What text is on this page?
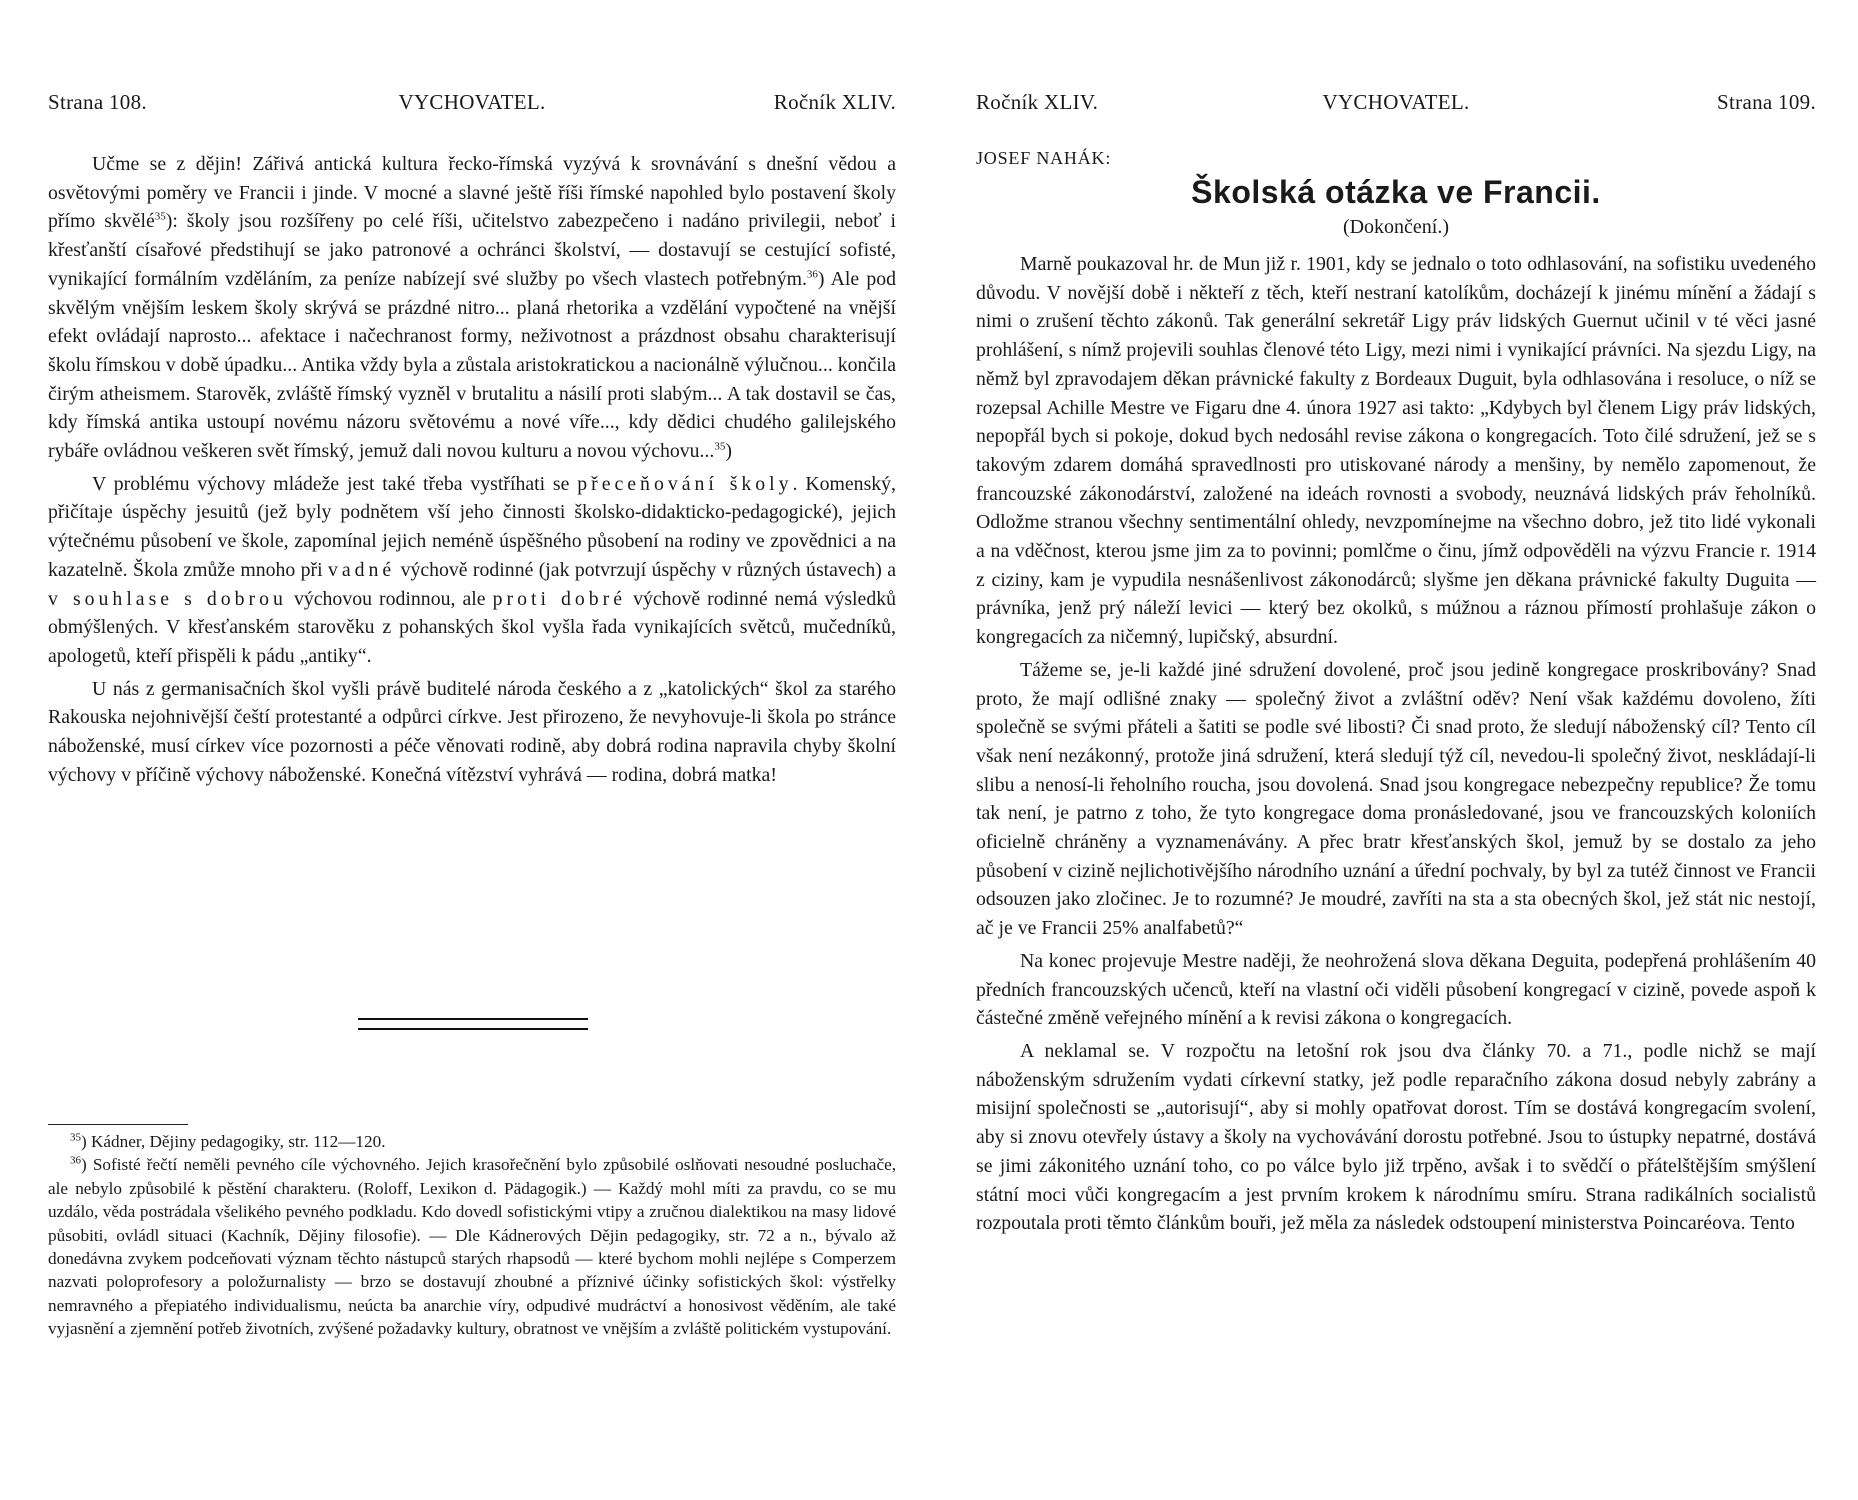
Strana 108.	VYCHOVATEL.	Ročník XLIV.

Učme se z dějin! Zářivá antická kultura řecko-římská vyzývá k srovnávání s dnešní vědou a osvětovými poměry ve Francii i jinde. V mocné a slavné ještě říši římské napohled bylo postavení školy přímo skvělé$^{35}$): školy jsou rozšířeny po celé říši, učitelstvo zabezpečeno i nadáno privilegii, neboť i křesťanští císařové předstihují se jako patronové a ochránci školství, — dostavují se cestující sofisté, vynikající formálním vzděláním, za peníze nabízejí své služby po všech vlastech potřebným.$^{36}$) Ale pod skvělým vnějším leskem školy skrývá se prázdné nitro... planá rhetorika a vzdělání vypočtené na vnější efekt ovládají naprosto... afektace i načechranost formy, neživotnost a prázdnost obsahu charakterisují školu římskou v době úpadku... Antika vždy byla a zůstala aristokratickou a nacionálně výlučnou... končila čirým atheismem. Starověk, zvláště římský vyzněl v brutalitu a násilí proti slabým... A tak dostavil se čas, kdy římská antika ustoupí novému názoru světovému a nové víře..., kdy dědici chudého galilejského rybáře ovládnou veškeren svět římský, jemuž dali novou kulturu a novou výchovu...$^{35}$)

V problému výchovy mládeže jest také třeba vystříhati se přeceňování školy. Komenský, přičítaje úspěchy jesuitů (jež byly podnětem vší jeho činnosti školsko-didakticko-pedagogické), jejich výtečnému působení ve škole, zapomínal jejich neméně úspěšného působení na rodiny ve zpovědnici a na kazatelně. Škola zmůže mnoho při vadné výchově rodinné (jak potvrzují úspěchy v různých ústavech) a v souhlase s dobrou výchovou rodinnou, ale proti dobré výchově rodinné nemá výsledků obmýšlených. V křesťanském starověku z pohanských škol vyšla řada vynikajících světců, mučedníků, apologetů, kteří přispěli k pádu „antiky“.

U nás z germanisačních škol vyšli právě buditelé národa českého a z „katolických“ škol za starého Rakouska nejohnivější čeští protestanté a odpůrci církve. Jest přirozeno, že nevyhovuje-li škola po stránce náboženské, musí církev více pozornosti a péče věnovati rodině, aby dobrá rodina napravila chyby školní výchovy v příčině výchovy náboženské. Konečná vítězství vyhrává — rodina, dobrá matka!

$^{35}$) Kádner, Dějiny pedagogiky, str. 112—120.

$^{36}$) Sofisté řečtí neměli pevného cíle výchovného. Jejich krasořečnění bylo způsobilé oslňovati nesoudné posluchače, ale nebylo způsobilé k pěstění charakteru. (Roloff, Lexikon d. Pädagogik.) — Každý mohl míti za pravdu, co se mu uzdálo, věda postrádala všelikého pevného podkladu. Kdo dovedl sofistickými vtipy a zručnou dialektikou na masy lidové působiti, ovládl situaci (Kachník, Dějiny filosofie). — Dle Kádnerových Dějin pedagogiky, str. 72 a n., bývalo až donedávna zvykem podceňovati význam těchto nástupců starých rhapsodů — které bychom mohli nejlépe s Comperzem nazvati poloprofesory a položurnalisty — brzo se dostavují zhoubné a příznivé účinky sofistických škol: výstřelky nemravného a přepiatého individualismu, neúcta ba anarchie víry, odpudivé mudráctví a honosivost věděním, ale také vyjasnění a zjemnění potřeb životních, zvýšené požadavky kultury, obratnost ve vnějším a zvláště politickém vystupování.

Ročník XLIV.	VYCHOVATEL.	Strana 109.
JOSEF NAHÁK:
Školská otázka ve Francii.
(Dokončení.)

Marně poukazoval hr. de Mun již r. 1901, kdy se jednalo o toto odhlasování, na sofistiku uvedeného důvodu. V novější době i někteří z těch, kteří nestraní katolíkům, docházejí k jinému mínění a žádají s nimi o zrušení těchto zákonů. Tak generální sekretář Ligy práv lidských Guernut učinil v té věci jasné prohlášení, s nímž projevili souhlas členové této Ligy, mezi nimi i vynikající právníci. Na sjezdu Ligy, na němž byl zpravodajem děkan právnické fakulty z Bordeaux Duguit, byla odhlasována i resoluce, o níž se rozepsal Achille Mestre ve Figaru dne 4. února 1927 asi takto: „Kdybych byl členem Ligy práv lidských, nepopřál bych si pokoje, dokud bych nedosáhl revise zákona o kongregacích. Toto čilé sdružení, jež se s takovým zdarem domáhá spravedlnosti pro utiskované národy a menšiny, by nemělo zapomenout, že francouzské zákonodárství, založené na ideách rovnosti a svobody, neuznává lidských práv řeholníků. Odložme stranou všechny sentimentální ohledy, nevzpomínejme na všechno dobro, jež tito lidé vykonali a na vděčnost, kterou jsme jim za to povinni; pomlčme o činu, jímž odpověděli na výzvu Francie r. 1914 z ciziny, kam je vypudila nesnášenlivost zákonodárců; slyšme jen děkana právnické fakulty Duguita — právníka, jenž prý náleží levici — který bez okolků, s múžnou a ráznou přímostí prohlašuje zákon o kongregacích za ničemný, lupičský, absurdní.

Tážeme se, je-li každé jiné sdružení dovolené, proč jsou jedině kongregace proskribovány? Snad proto, že mají odlišné znaky — společný život a zvláštní oděv? Není však každému dovoleno, žíti společně se svými přáteli a šatiti se podle své libosti? Či snad proto, že sledují náboženský cíl? Tento cíl však není nezákonný, protože jiná sdružení, která sledují týž cíl, nevedou-li společný život, neskládají-li slibu a nenosí-li řeholního roucha, jsou dovolená. Snad jsou kongregace nebezpečny republice? Že tomu tak není, je patrno z toho, že tyto kongregace doma pronásledované, jsou ve francouzských koloniích oficielně chráněny a vyznamenávány. A přec bratr křesťanských škol, jemuž by se dostalo za jeho působení v cizině nejlichotivějšího národního uznání a úřední pochvaly, by byl za tutéž činnost ve Francii odsouzen jako zločinec. Je to rozumné? Je moudré, zavříti na sta a sta obecných škol, jež stát nic nestojí, ač je ve Francii 25% analfabetů?“

Na konec projevuje Mestre naději, že neohrožená slova děkana Deguita, podepřená prohlášením 40 předních francouzských učenců, kteří na vlastní oči viděli působení kongregací v cizině, povede aspoň k částečné změně veřejného mínění a k revisi zákona o kongregacích.

A neklamal se. V rozpočtu na letošní rok jsou dva články 70. a 71., podle nichž se mají náboženským sdružením vydati církevní statky, jež podle reparačního zákona dosud nebyly zabrány a misijní společnosti se „autorisují“, aby si mohly opatřovat dorost. Tím se dostává kongregacím svolení, aby si znovu otevřely ústavy a školy na vychovávání dorostu potřebné. Jsou to ústupky nepatrné, dostává se jimi zákonitého uznání toho, co po válce bylo již trpěno, avšak i to svědčí o přátelštějším smýšlení státní moci vůči kongregacím a jest prvním krokem k národnímu smíru. Strana radikálních socialistů rozpoutala proti těmto článkům bouři, jež měla za následek odstoupení ministerstva Poincaréova. Tento
